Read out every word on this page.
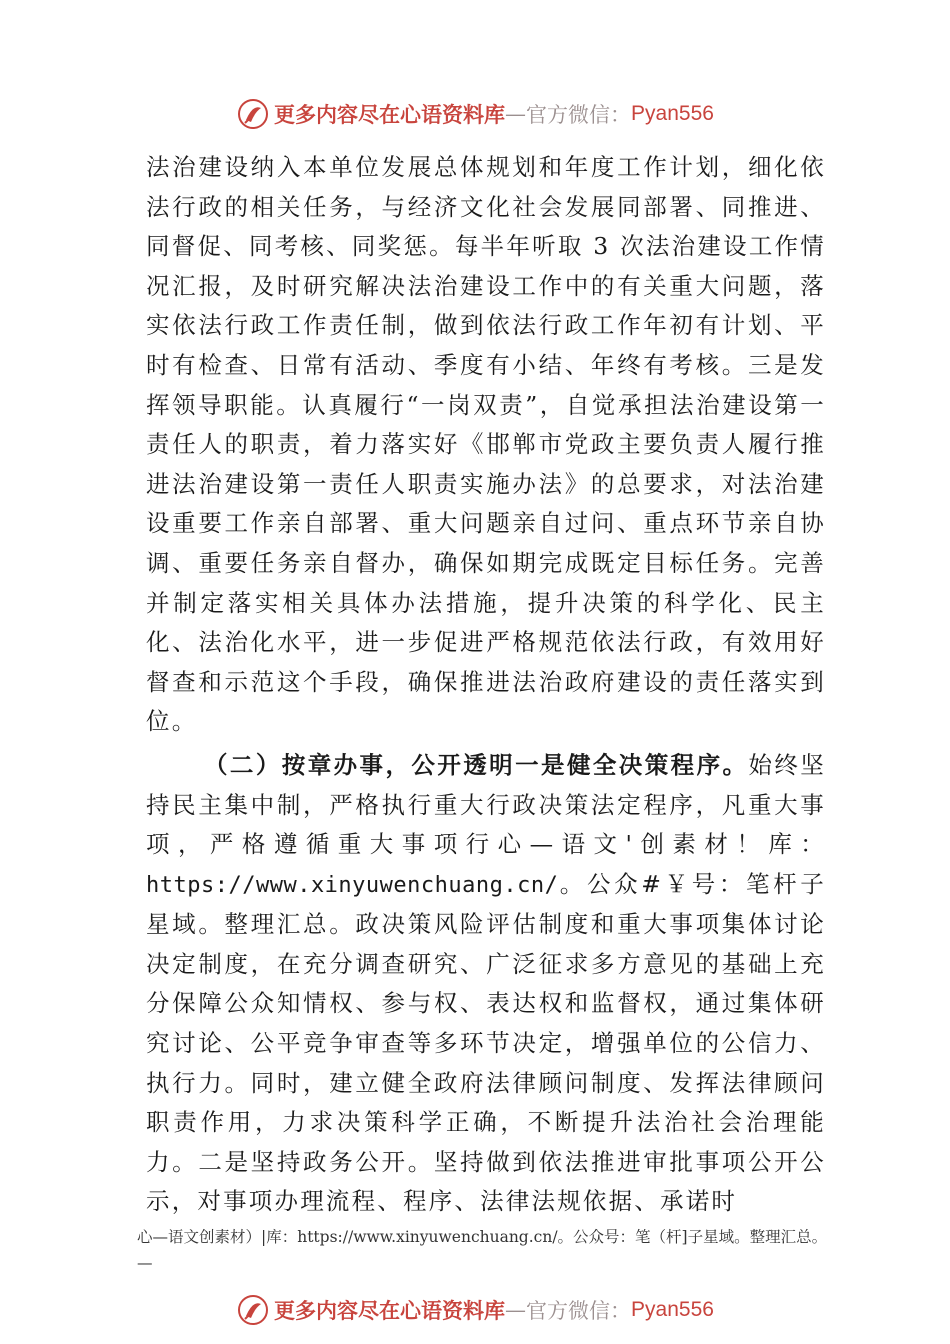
更多内容尽在心语资料库 — 官方微信： Pyan556

法治建设纳入本单位发展总体规划和年度工作计划，细化依法行政的相关任务，与经济文化社会发展同部署、同推进、 同督促、同考核、同奖惩。每半年听取 3 次法治建设工作情况汇报，及时研究解决法治建设工作中的有关重大问题，落实依法行政工作责任制，做到依法行政工作年初有计划、平时有检查、日常有活动、季度有小结、年终有考核。三是发挥领导职能。认真履行“一岗双责”，自觉承担法治建设第一责任人的职责，着力落实好《邯郸市党政主要负责人履行推进法治建设第一责任人职责实施办法》的总要求，对法治建设重要工作亲自部署、重大问题亲自过问、重点环节亲自协调、重要任务亲自督办，确保如期完成既定目标任务。完善并制定落实相关具体办法措施，提升决策的科学化、民主化、法治化水平，进一步促进严格规范依法行政，有效用好督查和示范这个手段，确保推进法治政府建设的责任落实到位。

（二）按章办事，公开透明一是健全决策程序。始终坚持民主集中制，严格执行重大行政决策法定程序，凡重大事项，严格遵循重大事项行心—语文'创素材！库：https://www.xinyuwenchuang.cn/。公众#￥号：笔杆子星域。整理汇总。政决策风险评估制度和重大事项集体讨论决定制度，在充分调查研究、广泛征求多方意见的基础上充分保障公众知情权、参与权、表达权和监督权，通过集体研究讨论、公平竞争审查等多环节决定，增强单位的公信力、执行力。同时，建立健全政府法律顾问制度、发挥法律顾问职责作用，力求决策科学正确，不断提升法治社会治理能力。二是坚持政务公开。坚持做到依法推进审批事项公开公示，对事项办理流程、程序、法律法规依据、承诺时

心—语文创素材）|库：https://www.xinyuwenchuang.cn/。公众号：笔（杆]子星域。整理汇总。—
更多内容尽在心语资料库 — 官方微信： Pyan556
